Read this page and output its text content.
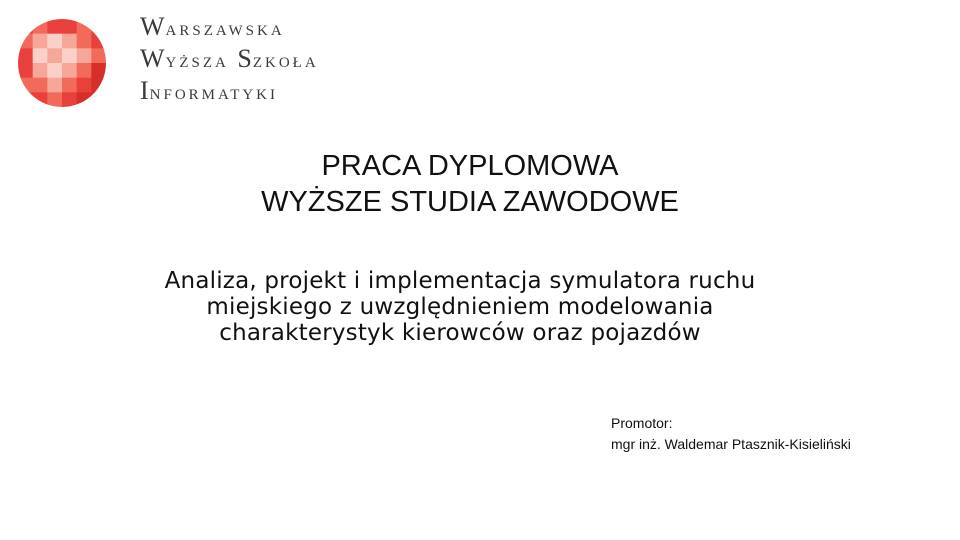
Warszawska
Wyższa Szkoła
Informatyki
PRACA DYPLOMOWA
WYŻSZE STUDIA ZAWODOWE
Analiza, projekt i implementacja symulatora ruchu
miejskiego z uwzględnieniem modelowania
charakterystyk kierowców oraz pojazdów
Promotor:
mgr inż. Waldemar Ptasznik-Kisieliński
